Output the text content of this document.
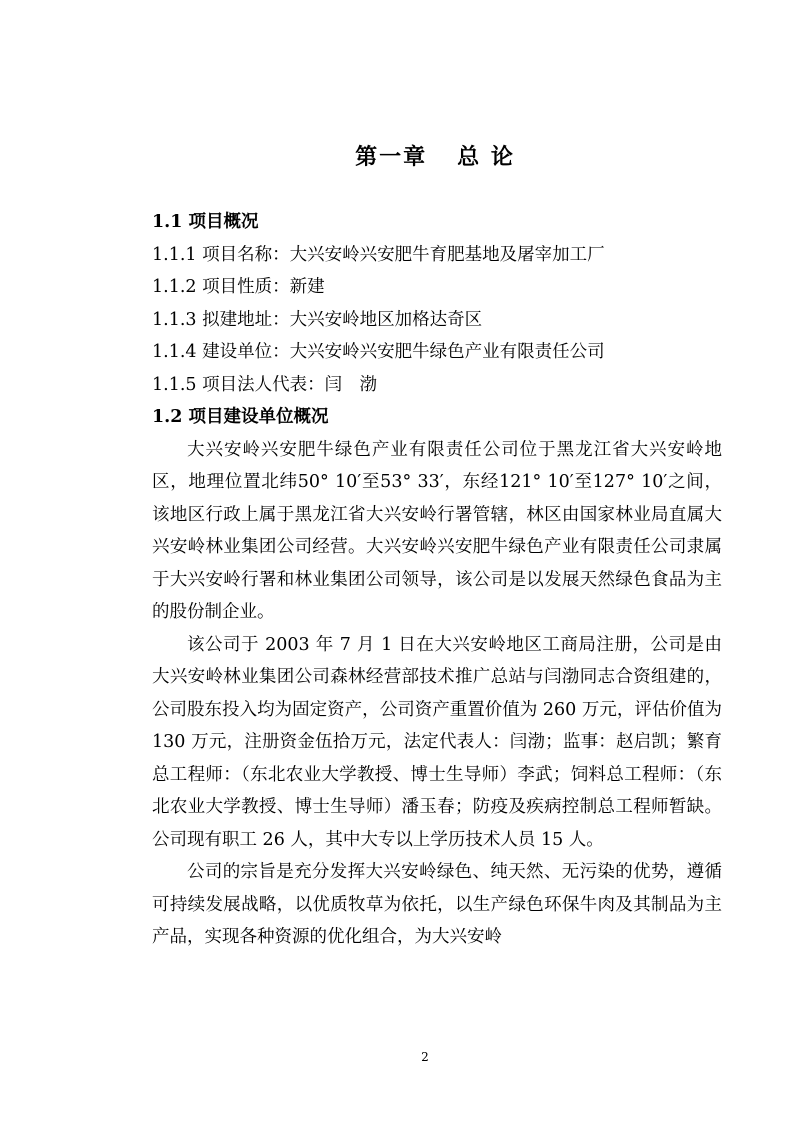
第一章 总 论
1.1 项目概况
1.1.1 项目名称：大兴安岭兴安肥牛育肥基地及屠宰加工厂
1.1.2 项目性质：新建
1.1.3 拟建地址：大兴安岭地区加格达奇区
1.1.4 建设单位：大兴安岭兴安肥牛绿色产业有限责任公司
1.1.5 项目法人代表：闫　渤
1.2 项目建设单位概况

大兴安岭兴安肥牛绿色产业有限责任公司位于黑龙江省大兴安岭地区，地理位置北纬50° 10′至53° 33′，东经121° 10′至127° 10′之间，该地区行政上属于黑龙江省大兴安岭行署管辖，林区由国家林业局直属大兴安岭林业集团公司经营。大兴安岭兴安肥牛绿色产业有限责任公司隶属于大兴安岭行署和林业集团公司领导，该公司是以发展天然绿色食品为主的股份制企业。

该公司于 2003 年 7 月 1 日在大兴安岭地区工商局注册，公司是由大兴安岭林业集团公司森林经营部技术推广总站与闫渤同志合资组建的，公司股东投入均为固定资产，公司资产重置价值为 260 万元，评估价值为 130 万元，注册资金伍拾万元，法定代表人：闫渤；监事：赵启凯；繁育总工程师：（东北农业大学教授、博士生导师）李武；饲料总工程师：（东北农业大学教授、博士生导师）潘玉春；防疫及疾病控制总工程师暂缺。公司现有职工 26 人，其中大专以上学历技术人员 15 人。

公司的宗旨是充分发挥大兴安岭绿色、纯天然、无污染的优势，遵循可持续发展战略，以优质牧草为依托，以生产绿色环保牛肉及其制品为主产品，实现各种资源的优化组合，为大兴安岭

2
